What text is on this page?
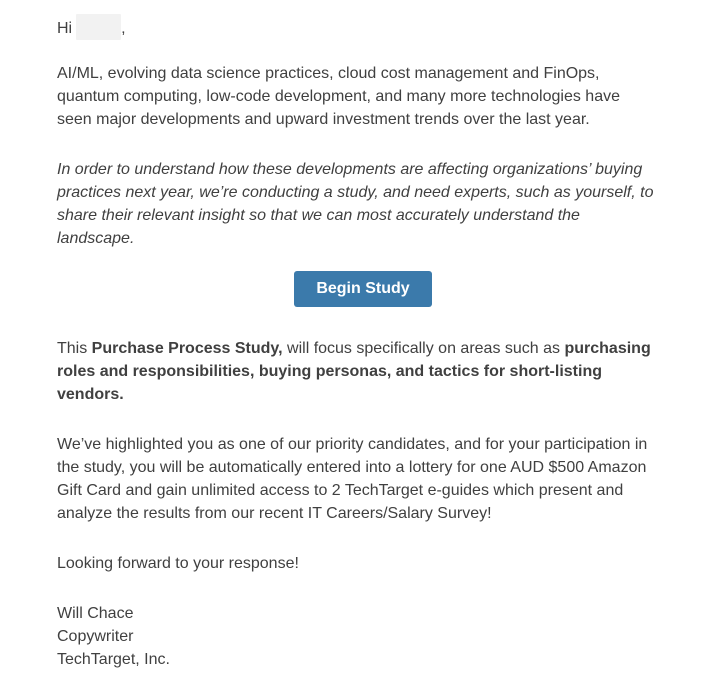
Hi	,
AI/ML, evolving data science practices, cloud cost management and FinOps,
quantum computing, low-code development, and many more technologies have
seen major developments and upward investment trends over the last year.
In order to understand how these developments are affecting organizations’ buying
practices next year, we’re conducting a study, and need experts, such as yourself, to
share their relevant insight so that we can most accurately understand the
landscape.
Begin Study
This Purchase Process Study, will focus specifically on areas such as purchasing
roles and responsibilities, buying personas, and tactics for short-listing
vendors.
We’ve highlighted you as one of our priority candidates, and for your participation in
the study, you will be automatically entered into a lottery for one AUD $500 Amazon
Gift Card and gain unlimited access to 2 TechTarget e-guides which present and
analyze the results from our recent IT Careers/Salary Survey!
Looking forward to your response!
Will Chace
Copywriter
TechTarget, Inc.
